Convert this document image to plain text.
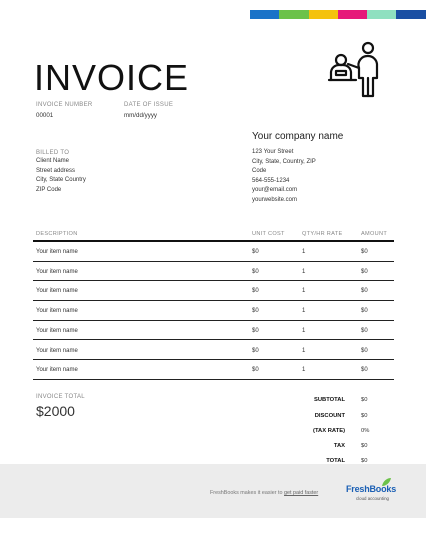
INVOICE
INVOICE NUMBER
00001
DATE OF ISSUE
mm/dd/yyyy
Your company name
123 Your Street
City, State, Country, ZIP
Code
564-555-1234
your@email.com
yourwebsite.com
BILLED TO
Client Name
Street address
City, State Country
ZIP Code
DESCRIPTION	UNIT COST	QTY/HR RATE	AMOUNT
Your item name	$0	1	$0
Your item name	$0	1	$0
Your item name	$0	1	$0
Your item name	$0	1	$0
Your item name	$0	1	$0
Your item name	$0	1	$0
Your item name	$0	1	$0
INVOICE TOTAL
$2000
SUBTOTAL	$0
DISCOUNT	$0
(TAX RATE)	0%
TAX	$0
TOTAL	$0
FreshBooks makes it easier to get paid faster	FreshBooks
cloud accounting
